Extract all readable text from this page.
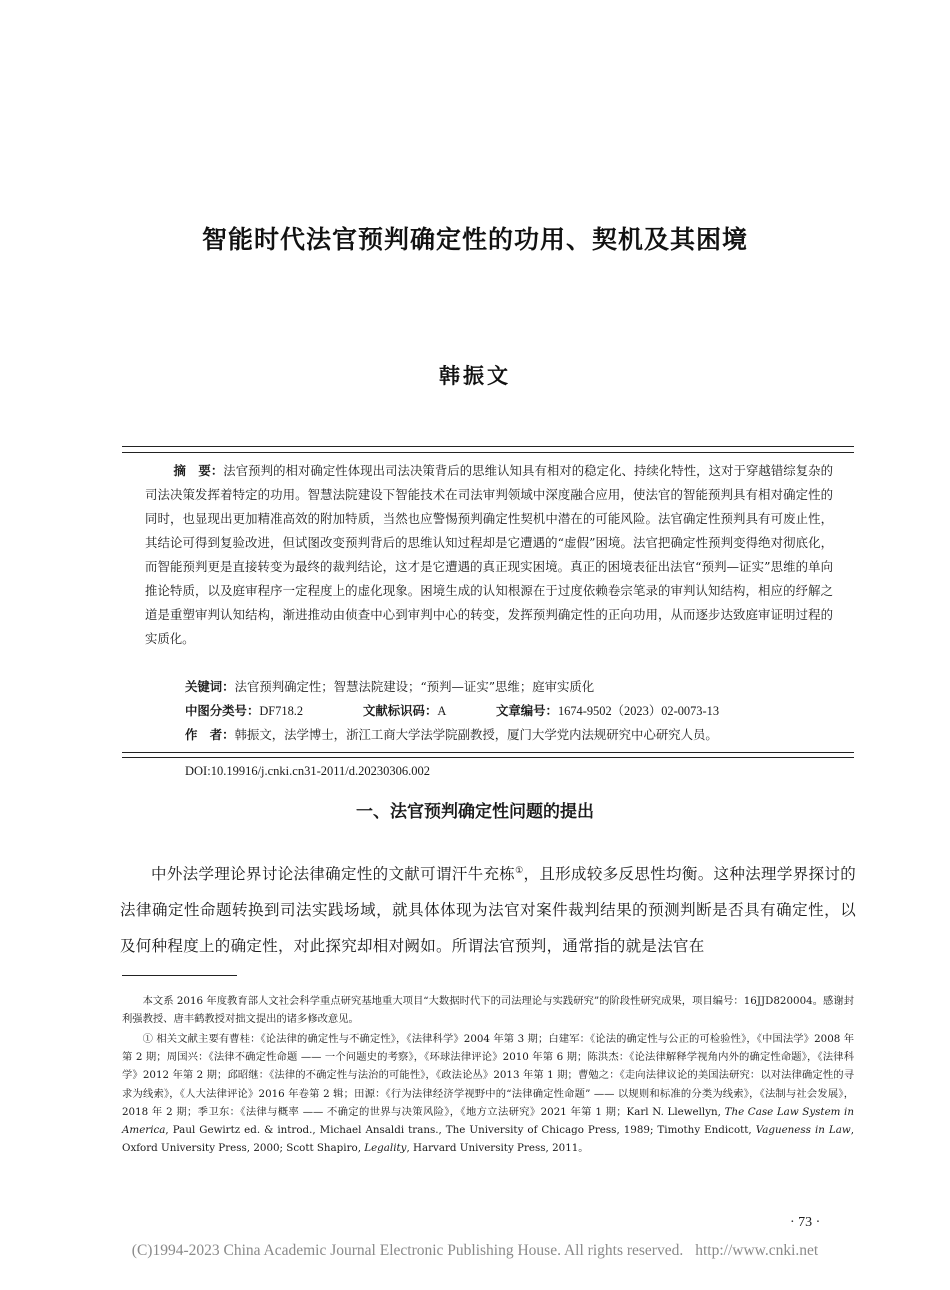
智能时代法官预判确定性的功用、契机及其困境
韩振文
摘　要：法官预判的相对确定性体现出司法决策背后的思维认知具有相对的稳定化、持续化特性，这对于穿越错综复杂的司法决策发挥着特定的功用。智慧法院建设下智能技术在司法审判领域中深度融合应用，使法官的智能预判具有相对确定性的同时，也显现出更加精准高效的附加特质，当然也应警惕预判确定性契机中潜在的可能风险。法官确定性预判具有可废止性，其结论可得到复验改进，但试图改变预判背后的思维认知过程却是它遭遇的“虚假”困境。法官把确定性预判变得绝对彻底化，而智能预判更是直接转变为最终的裁判结论，这才是它遭遇的真正现实困境。真正的困境表征出法官“预判—证实”思维的单向推论特质，以及庭审程序一定程度上的虚化现象。困境生成的认知根源在于过度依赖卷宗笔录的审判认知结构，相应的纾解之道是重塑审判认知结构，渐进推动由侦查中心到审判中心的转变，发挥预判确定性的正向功用，从而逐步达致庭审证明过程的实质化。
关键词：法官预判确定性；智慧法院建设；“预判—证实”思维；庭审实质化
中图分类号：DF718.2	文献标识码：A	文章编号：1674-9502（2023）02-0073-13
作　者：韩振文，法学博士，浙江工商大学法学院副教授，厦门大学党内法规研究中心研究人员。
DOI:10.19916/j.cnki.cn31-2011/d.20230306.002
一、法官预判确定性问题的提出
中外法学理论界讨论法律确定性的文献可谓汗牛充栋①，且形成较多反思性均衡。这种法理学界探讨的法律确定性命题转换到司法实践场域，就具体体现为法官对案件裁判结果的预测判断是否具有确定性，以及何种程度上的确定性，对此探究却相对阙如。所谓法官预判，通常指的就是法官在
本文系 2016 年度教育部人文社会科学重点研究基地重大项目“大数据时代下的司法理论与实践研究”的阶段性研究成果，项目编号：16JJD820004。感谢封利强教授、唐丰鹤教授对拙文提出的诸多修改意见。
① 相关文献主要有曹桂：《论法律的确定性与不确定性》，《法律科学》2004 年第 3 期；白建军：《论法的确定性与公正的可检验性》，《中国法学》2008 年第 2 期；周国兴：《法律不确定性命题 —— 一个问题史的考察》，《环球法律评论》2010 年第 6 期；陈洪杰：《论法律解释学视角内外的确定性命题》，《法律科学》2012 年第 2 期；邱昭继：《法律的不确定性与法治的可能性》，《政法论丛》2013 年第 1 期；曹勉之：《走向法律议论的美国法研究：以对法律确定性的寻求为线索》，《人大法律评论》2016 年卷第 2 辑；田源：《行为法律经济学视野中的“法律确定性命题” —— 以规则和标准的分类为线索》，《法制与社会发展》，2018 年 2 期；季卫东：《法律与概率 —— 不确定的世界与决策风险》，《地方立法研究》2021 年第 1 期；Karl N. Llewellyn, The Case Law System in America, Paul Gewirtz ed. & introd., Michael Ansaldi trans., The University of Chicago Press, 1989; Timothy Endicott, Vagueness in Law, Oxford University Press, 2000; Scott Shapiro, Legality, Harvard University Press, 2011。
· 73 ·
(C)1994-2023 China Academic Journal Electronic Publishing House. All rights reserved. http://www.cnki.net
